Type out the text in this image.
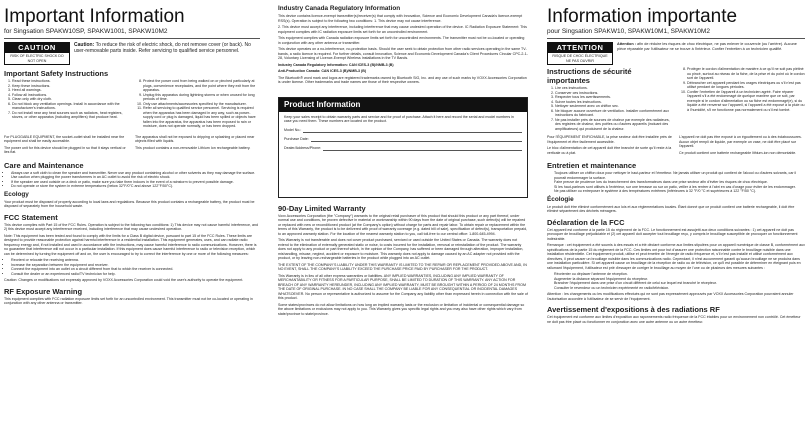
Important Information
for Singsation SPAKW10SP, SPAKW1001, SPAKW10M2
CAUTION
RISK OF ELECTRIC SHOCK DO NOT OPEN
Caution: To reduce the risk of electric shock, do not remove cover (or back). No user-removable parts inside. Refer servicing to qualified service personnel.
Important Safety Instructions
1. Read these instructions.
2. Keep these instructions.
3. Heed all warnings.
4. Follow all instructions.
5. Clean only with dry cloth.
6. Do not block any ventilation openings. Install in accordance with the manufacturer's instructions.
7. Do not install near any heat sources such as radiators, heat registers, stoves, or other apparatus (including amplifiers) that produce heat.
8. Protect the power cord from being walked on or pinched particularly at plugs, convenience receptacles, and the point where they exit from the apparatus.
9. Unplug this apparatus during lightning storms or when unused for long periods of time.
10. Only use attachments/accessories specified by the manufacturer.
11. Refer all servicing to qualified service personnel. Servicing is required when the apparatus has been damaged in any way, such as power-supply cord or plug is damaged, liquid has been spilled or objects have fallen into the apparatus, the apparatus has been exposed to rain or moisture, does not operate normally, or has been dropped.

For PLUGGABLE EQUIPMENT, the socket-outlet shall be installed near the equipment and shall be easily accessible.

The power unit for this device should be plugged in so that it stays vertical or lies flat.

The apparatus shall not be exposed to dripping or splashing or placed near objects filled with liquids.

This product contains a non-removable Lithium Ion rechargeable battery.

Care and Maintenance
• Always use a soft cloth to clean the speaker and transmitter. Never use any product containing alcohol or other solvents as they may damage the surface.
• Use caution when plugging the power transformers in an AC outlet to avoid the risk of electric shock.
• If the speaker are used outside on a deck or patio, make sure you take them indoors in the event of a rainstorm to prevent possible damage.
• Do not operate or store the system in extreme temperatures (below 32°F/0°C and above 122°F/50°C).
Ecology

Your product must be disposed of properly according to local laws and regulations. Because this product contains a rechargeable battery, the product must be disposed of separately from the household waste.

FCC Statement

This device complies with Part 15 of the FCC Rules. Operation is subject to the following two conditions: 1) This device may not cause harmful interference, and 2) this device must accept any interference received, including interference that may cause undesired operation.

Note: This equipment has been tested and found to comply with the limits for a Class B digital device, pursuant to part 15 of the FCC Rules. These limits are designed to provide reasonable protection against harmful interference in a residential installation. This equipment generates, uses, and can radiate radio frequency energy and, if not installed and used in accordance with the instructions, may cause harmful interference to radio communications. However, there is no guarantee that interference will not occur in a particular installation. If this equipment does cause harmful interference to radio or television reception, which can be determined by turning the equipment off and on, the user is encouraged to try to correct the interference by one or more of the following measures:

• Reorient or relocate the receiving antenna.
• Increase the separation between the equipment and receiver.
• Connect the equipment into an outlet on a circuit different from that to which the receiver is connected.
• Consult the dealer or an experienced radio/TV technician for help.

Caution: Changes or modifications not expressly approved by VOXX Accessories Corporation could void the user's authority to operate the equipment.

RF Exposure Warning

This equipment complies with FCC radiation exposure limits set forth for an uncontrolled environment. This transmitter must not be co-located or operating in conjunction with any other antenna or transmitter.

Industry Canada Regulatory Information

This device contains licence-exempt transmitter(s)/receiver(s) that comply with Innovation, Science and Economic Development Canada's licence-exempt RSS(s). Operation is subject to the following two conditions: 1. This device may not cause interference.

2. This device must accept any interference, including interference that may cause undesired operation of the device. IC Radiation Exposure Statement: This equipment complies with IC radiation exposure limits set forth for an uncontrolled environment.

This equipment complies with Canada radiation exposure limits set forth for uncontrolled environments. The transmitter must not be co-located or operating in conjunction with any other antenna or transmitter.

This device operates on a no-interference, no-protection basis. Should the user seek to obtain protection from other radio services operating in the same TV-bands, a radio licence is required. For further details, consult Innovation, Science and Economic Development Canada's Client Procedures Circular CPC-2-1-28, Voluntary Licensing of Licence-Exempt Wireless Installations in the TV Bands.

Industry Canada Regulatory Information: CAN ICES-3 (B)/NMB-3 (B)

Anti-Production Canada: CAN ICES-3 (B)/NMB-3 (B)

The Bluetooth® word mark and logos are registered trademarks owned by Bluetooth SIG, Inc. and any use of such marks by VOXX Accessories Corporation is under license. Other trademarks and trade names are those of their respective owners.

Product Information

Keep your sales receipt to obtain warranty parts and service and for proof of purchase. Attach it here and record the serial and model numbers in case you need them. These numbers are located on the product.

Model No.:
Purchase Date:
Dealer/Address/Phone:
90-Day Limited Warranty

Voxx Accessories Corporation (the "Company") warrants to the original retail purchaser of this product that should this product or any part thereof, under normal use and conditions, be proven defective in material or workmanship within 90 days from the date of original purchase, such defect(s) will be repaired or replaced with new or reconditioned product (at the Company's option) without charge for parts and repair labor. To obtain repair or replacement within the terms of this Warranty, the product is to be delivered with proof of warranty coverage (e.g. dated bill of sale), specification of defect(s), transportation prepaid, to an approved warranty station. For the location of the nearest warranty station to you, call toll-free to our central office: 1-800-645-4994.

This Warranty is not transferable and does not cover product purchased, serviced or used outside the United States or Canada. The warranty does not extend to the elimination of externally generated static or noise, to costs incurred for the installation, removal or reinstallation of the product. The warranty does not apply to any product or part thereof which, in the opinion of the Company, has suffered or been damaged through alteration, improper installation, mishandling, misuse, neglect, accident or exposure to moisture. This warranty does not apply to damage caused by an AC adapter not provided with the product, or by leaving non-rechargeable batteries in the product while plugged into an AC outlet.

THE EXTENT OF THE COMPANY'S LIABILITY UNDER THIS WARRANTY IS LIMITED TO THE REPAIR OR REPLACEMENT PROVIDED ABOVE AND, IN NO EVENT, SHALL THE COMPANY'S LIABILITY EXCEED THE PURCHASE PRICE PAID BY PURCHASER FOR THE PRODUCT.

This Warranty is in lieu of all other express warranties or liabilities. ANY IMPLIED WARRANTIES, INCLUDING ANY IMPLIED WARRANTY OF MERCHANTABILITY OR FITNESS FOR A PARTICULAR PURPOSE, SHALL BE LIMITED TO DURATION OF THIS WARRANTY. ANY ACTION FOR BREACH OF ANY WARRANTY HEREUNDER, INCLUDING ANY IMPLIED WARRANTY, MUST BE BROUGHT WITHIN A PERIOD OF 24 MONTHS FROM THE DATE OF ORIGINAL PURCHASE. IN NO CASE SHALL THE COMPANY BE LIABLE FOR ANY CONSEQUENTIAL OR INCIDENTAL DAMAGES WHATSOEVER. No person or representative is authorized to assume for the Company any liability other than expressed herein in connection with the sale of this product.

Some states/provinces do not allow limitations on how long an implied warranty lasts or the exclusion or limitation of incidental or consequential damage so the above limitations or exclusions may not apply to you. This Warranty gives you specific legal rights and you may also have other rights which vary from state/province to state/province.

Information importante
pour Singsation SPAKW10, SPAKW10M1, SPAKW10M2
ATTENTION
RISQUE DE CHOC ÉLECTRIQUE NE PAS OUVRIR
Attention : afin de réduire les risques de choc électrique, ne pas enlever le couvercle (ou l'arrière). Aucune pièce réparable par l'utilisateur ne se trouve à l'intérieur. Confier l'entretien à un technicien qualifié.
Instructions de sécurité importantes
1. Lire ces instructions.
2. Conserver ces instructions.
3. Respecter tous les avertissements.
4. Suivre toutes les instructions.
5. Nettoyer seulement avec un chiffon sec.
6. Ne bloquer aucune ouverture de ventilation. Installer conformément aux instructions du fabricant.
7. Ne pas installer près de sources de chaleur par exemple des radiateurs, des registres de chaleur, des poêles ou d'autres appareils (incluant des amplificateurs) qui produisent de la chaleur.
8. Protéger le cordon d'alimentation de manière à ce qu'il ne soit pas piétiné ou pincé, surtout au niveau de la fiche, de la prise et du point où le cordon sort de l'appareil.
9. Débrancher cet appareil pendant les orages électriques ou s'il n'est pas utilisé pendant de longues périodes.
10. Confier l'entretien de l'appareil à un technicien agréé. Faire réparer l'appareil s'il a été endommagé de quelque manière que ce soit, par exemple si le cordon d'alimentation ou sa fiche est endommagé(e), si du liquide a été renversé sur l'appareil, si l'appareil a été exposé à la pluie ou à l'humidité, s'il ne fonctionne pas normalement ou s'il est tombé.

Pour l'ÉQUIPEMENT ENFICHABLE, la prise secteur doit être installée près de l'équipement et être facilement accessible.

Le bloc d'alimentation de cet appareil doit être branché de sorte qu'il reste à la verticale ou à plat.

L'appareil ne doit pas être exposé à un égouttement ou à des éclaboussures. Aucun objet rempli de liquide, par exemple un vase, ne doit être placé sur l'appareil.

Ce produit contient une batterie rechargeable lithium-ion non démontable.

Entretien et maintenance
• Toujours utiliser un chiffon doux pour nettoyer le haut-parleur et l'émetteur. Ne jamais utiliser un produit qui contient de l'alcool ou d'autres solvants, car il pourrait endommager la surface.
• Faire preuve de prudence lors du branchement des transformateurs dans une prise secteur afin d'éviter les risques de choc électrique.
• Si les haut-parleurs sont utilisés à l'extérieur, sur une terrasse ou sur un patio, veiller à les rentrer à l'abri en cas d'orage pour éviter de les endommager.
• Ne pas utiliser ou entreposer le système à des températures extrêmes (inférieures à 32 °F/0 °C et supérieures à 122 °F/50 °C).
Écologie

Le produit doit être éliminé conformément aux lois et aux réglementations locales. Étant donné que ce produit contient une batterie rechargeable, il doit être éliminé séparément des déchets ménagers.

Déclaration de la FCC

Cet appareil est conforme à la partie 15 du règlement de la FCC. Le fonctionnement est assujetti aux deux conditions suivantes : 1) cet appareil ne doit pas provoquer de brouillage préjudiciable et (2) cet appareil doit accepter tout brouillage reçu, y compris le brouillage susceptible de provoquer un fonctionnement indésirable.

Remarque : cet équipement a été soumis à des essais et a été déclaré conforme aux limites stipulées pour un appareil numérique de classe B, conformément aux spécifications de la partie 15 du règlement de la FCC. Ces limites ont pour but d'assurer une protection raisonnable contre le brouillage nuisible dans une installation résidentielle. Cet équipement produit, utilise et peut émettre de l'énergie de radio fréquence et, s'il n'est pas installé et utilisé conformément aux directives, il peut causer un brouillage nuisible dans les communications radio. Cependant, il n'est aucunement garanti qu'aucun brouillage ne se produira dans une installation particulière. Si cet appareil cause un brouillage de la réception de radio ou de télévision, ce qu'il est possible de déterminer en éteignant puis en rallumant l'équipement, l'utilisateur est prié d'essayer de corriger le brouillage au moyen de l'une ou de plusieurs des mesures suivantes :

• Réorienter ou déplacer l'antenne de réception.
• Augmenter la distance séparant l'équipement du récepteur.
• Brancher l'équipement dans une prise d'un circuit différent de celui sur lequel est branché le récepteur.
• Consulter le revendeur ou un technicien expérimenté en radio/télévision.

Attention : les changements ou les modifications effectués qui ne sont pas expressément approuvés par VOXX Accessories Corporation pourraient annuler l'autorisation accordée à l'utilisateur de se servir de l'équipement.

Avertissement d'expositions à des radiations RF

Cet équipement est conforme aux limites d'exposition aux rayonnements radio fréquence de la FCC établies pour un environnement non contrôlé. Cet émetteur ne doit pas être placé ou fonctionner en conjonction avec une autre antenne ou un autre émetteur.
